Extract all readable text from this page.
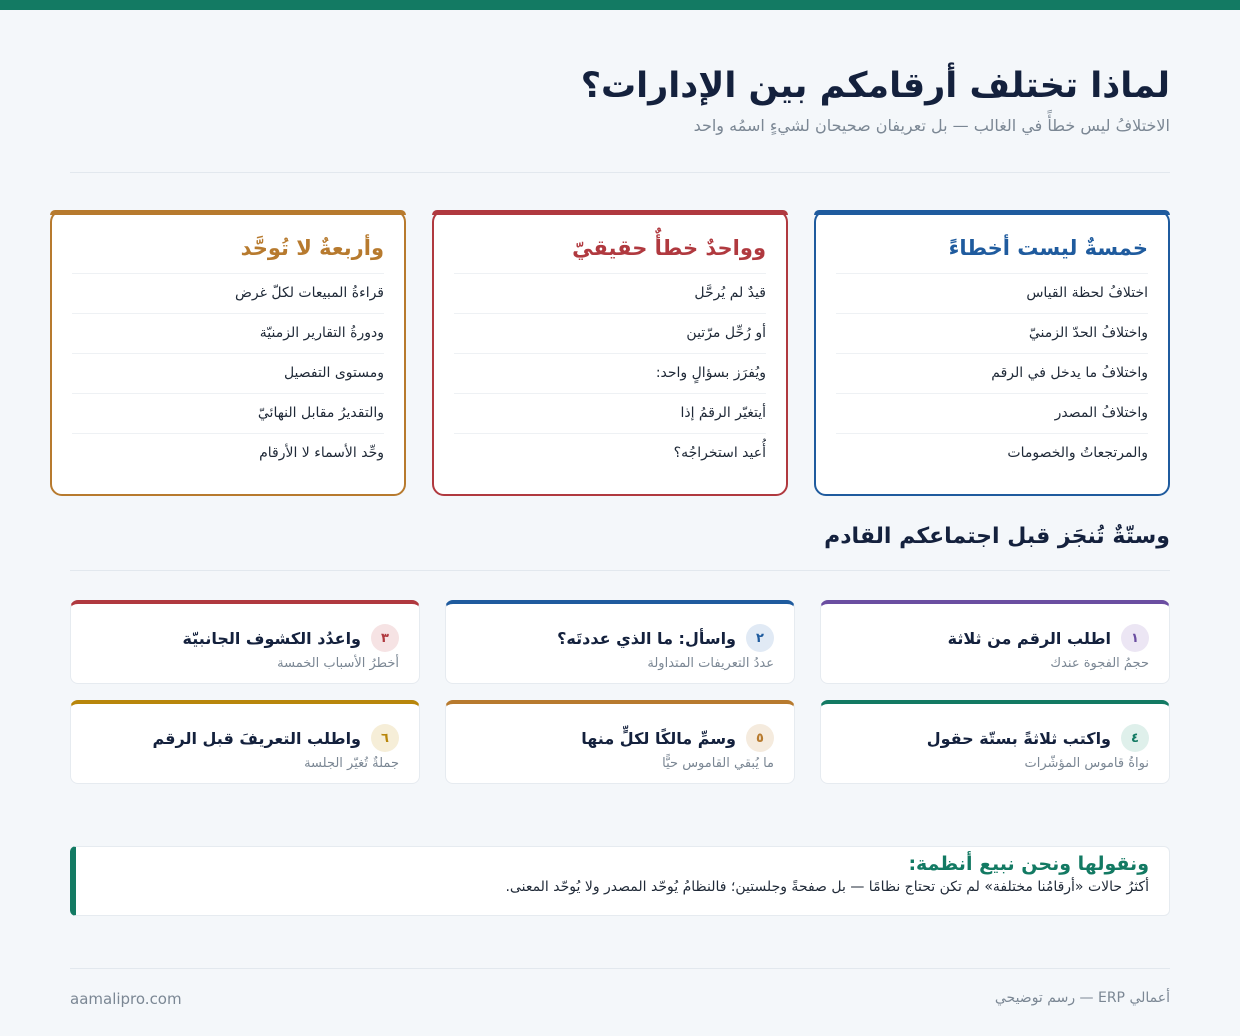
لماذا تختلف أرقامكم بين الإدارات؟
الاختلافُ ليس خطأً في الغالب — بل تعريفان صحيحان لشيءٍ اسمُه واحد
خمسةٌ ليست أخطاءً
اختلافُ لحظة القياس
واختلافُ الحدّ الزمنيّ
واختلافُ ما يدخل في الرقم
واختلافُ المصدر
والمرتجعاتُ والخصومات
وواحدٌ خطأٌ حقيقيّ
قيدٌ لم يُرحَّل
أو رُحِّل مرّتين
ويُفرَز بسؤالٍ واحد:
أيتغيّر الرقمُ إذا
أُعيد استخراجُه؟
وأربعةٌ لا تُوحَّد
قراءةُ المبيعات لكلّ غرض
ودورةُ التقارير الزمنيّة
ومستوى التفصيل
والتقديرُ مقابل النهائيّ
وحِّد الأسماء لا الأرقام
وستّةٌ تُنجَز قبل اجتماعكم القادم
١
اطلب الرقم من ثلاثة
حجمُ الفجوة عندك
٢
واسأل: ما الذي عددتَه؟
عددُ التعريفات المتداولة
٣
واعدُد الكشوف الجانبيّة
أخطرُ الأسباب الخمسة
٤
واكتب ثلاثةً بستّة حقول
نواةُ قاموس المؤشّرات
٥
وسمِّ مالكًا لكلٍّ منها
ما يُبقي القاموس حيًّا
٦
واطلب التعريفَ قبل الرقم
جملةٌ تُغيّر الجلسة
ونقولها ونحن نبيع أنظمة:
أكثرُ حالات «أرقامُنا مختلفة» لم تكن تحتاج نظامًا — بل صفحةً وجلستين؛ فالنظامُ يُوحّد المصدر ولا يُوحّد المعنى.
أعمالي ERP — رسم توضيحي
aamalipro.com
